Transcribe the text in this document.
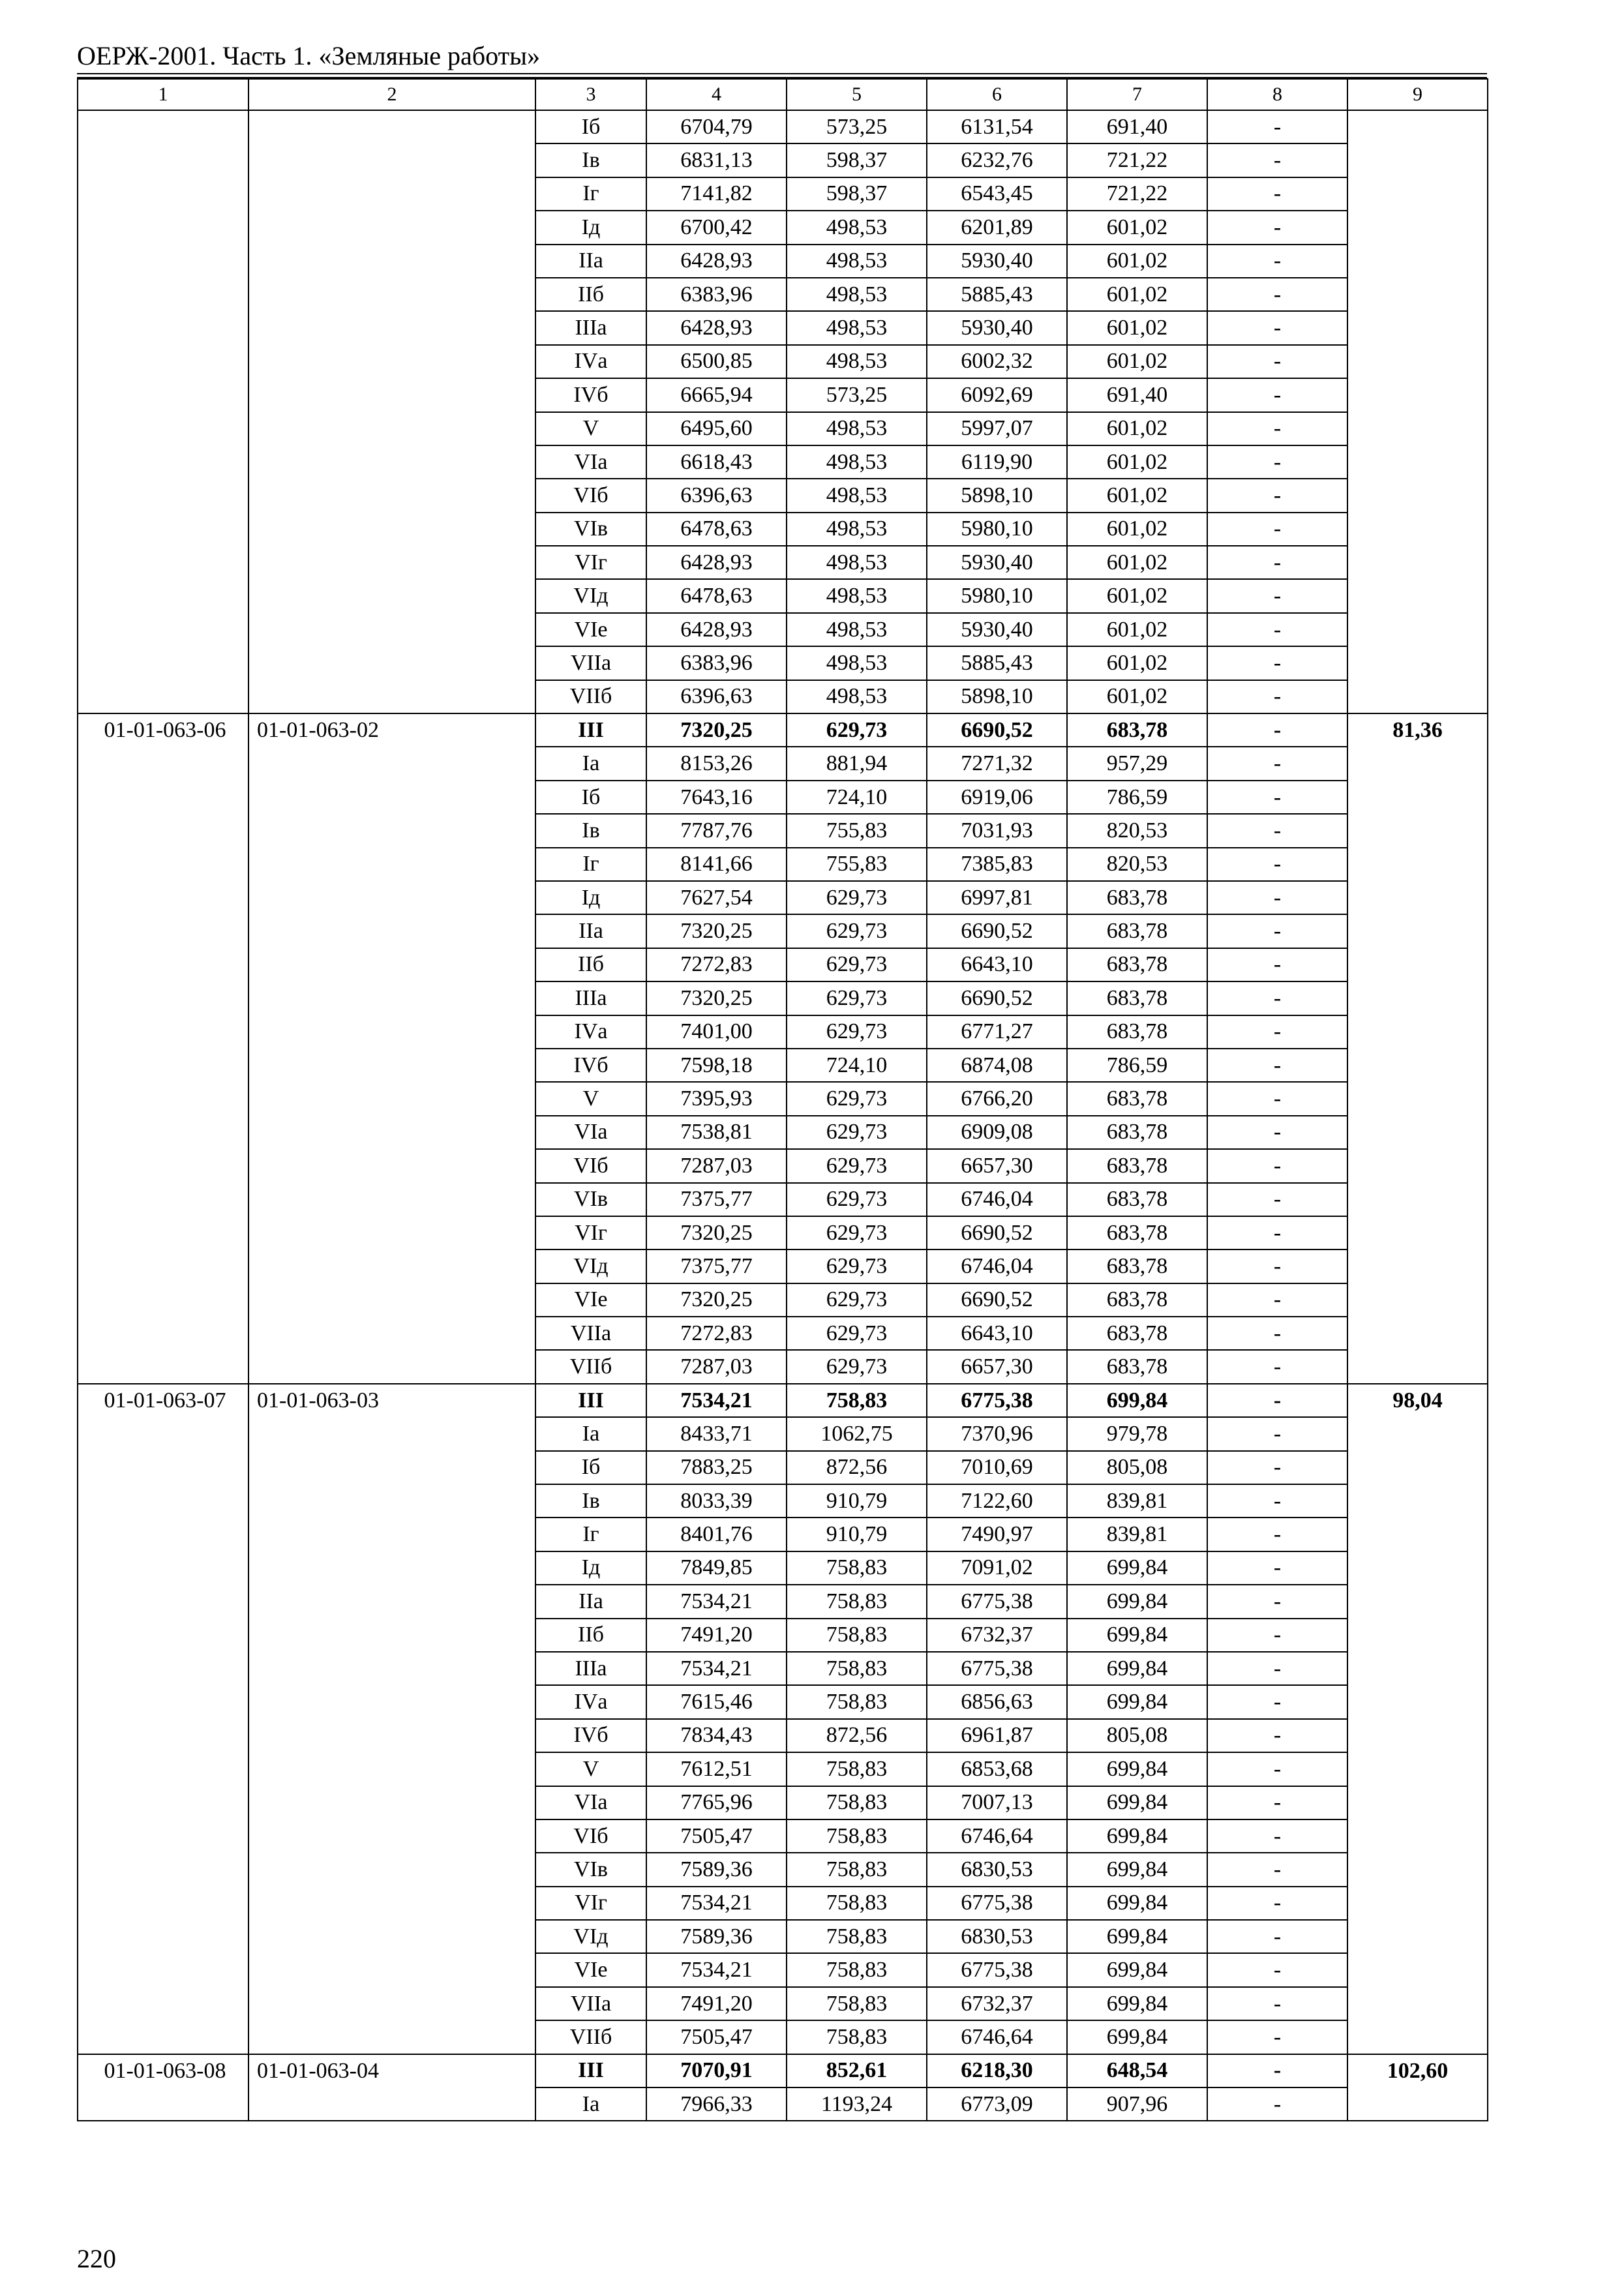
ОЕРЖ-2001. Часть 1. «Земляные работы»
1	2	3	4	5	6	7	8	9
		Iб	6704,79	573,25	6131,54	691,40	-	
		Iв	6831,13	598,37	6232,76	721,22	-	
		Iг	7141,82	598,37	6543,45	721,22	-	
		Iд	6700,42	498,53	6201,89	601,02	-	
		IIа	6428,93	498,53	5930,40	601,02	-	
		IIб	6383,96	498,53	5885,43	601,02	-	
		IIIа	6428,93	498,53	5930,40	601,02	-	
		IVа	6500,85	498,53	6002,32	601,02	-	
		IVб	6665,94	573,25	6092,69	691,40	-	
		V	6495,60	498,53	5997,07	601,02	-	
		VIа	6618,43	498,53	6119,90	601,02	-	
		VIб	6396,63	498,53	5898,10	601,02	-	
		VIв	6478,63	498,53	5980,10	601,02	-	
		VIг	6428,93	498,53	5930,40	601,02	-	
		VIд	6478,63	498,53	5980,10	601,02	-	
		VIе	6428,93	498,53	5930,40	601,02	-	
		VIIа	6383,96	498,53	5885,43	601,02	-	
		VIIб	6396,63	498,53	5898,10	601,02	-	
01-01-063-06	01-01-063-02	III	7320,25	629,73	6690,52	683,78	-	81,36
		Iа	8153,26	881,94	7271,32	957,29	-	
		Iб	7643,16	724,10	6919,06	786,59	-	
		Iв	7787,76	755,83	7031,93	820,53	-	
		Iг	8141,66	755,83	7385,83	820,53	-	
		Iд	7627,54	629,73	6997,81	683,78	-	
		IIа	7320,25	629,73	6690,52	683,78	-	
		IIб	7272,83	629,73	6643,10	683,78	-	
		IIIа	7320,25	629,73	6690,52	683,78	-	
		IVа	7401,00	629,73	6771,27	683,78	-	
		IVб	7598,18	724,10	6874,08	786,59	-	
		V	7395,93	629,73	6766,20	683,78	-	
		VIа	7538,81	629,73	6909,08	683,78	-	
		VIб	7287,03	629,73	6657,30	683,78	-	
		VIв	7375,77	629,73	6746,04	683,78	-	
		VIг	7320,25	629,73	6690,52	683,78	-	
		VIд	7375,77	629,73	6746,04	683,78	-	
		VIе	7320,25	629,73	6690,52	683,78	-	
		VIIа	7272,83	629,73	6643,10	683,78	-	
		VIIб	7287,03	629,73	6657,30	683,78	-	
01-01-063-07	01-01-063-03	III	7534,21	758,83	6775,38	699,84	-	98,04
		Iа	8433,71	1062,75	7370,96	979,78	-	
		Iб	7883,25	872,56	7010,69	805,08	-	
		Iв	8033,39	910,79	7122,60	839,81	-	
		Iг	8401,76	910,79	7490,97	839,81	-	
		Iд	7849,85	758,83	7091,02	699,84	-	
		IIа	7534,21	758,83	6775,38	699,84	-	
		IIб	7491,20	758,83	6732,37	699,84	-	
		IIIа	7534,21	758,83	6775,38	699,84	-	
		IVа	7615,46	758,83	6856,63	699,84	-	
		IVб	7834,43	872,56	6961,87	805,08	-	
		V	7612,51	758,83	6853,68	699,84	-	
		VIа	7765,96	758,83	7007,13	699,84	-	
		VIб	7505,47	758,83	6746,64	699,84	-	
		VIв	7589,36	758,83	6830,53	699,84	-	
		VIг	7534,21	758,83	6775,38	699,84	-	
		VIд	7589,36	758,83	6830,53	699,84	-	
		VIе	7534,21	758,83	6775,38	699,84	-	
		VIIа	7491,20	758,83	6732,37	699,84	-	
		VIIб	7505,47	758,83	6746,64	699,84	-	
01-01-063-08	01-01-063-04	III	7070,91	852,61	6218,30	648,54	-	102,60
		Iа	7966,33	1193,24	6773,09	907,96	-	
220
